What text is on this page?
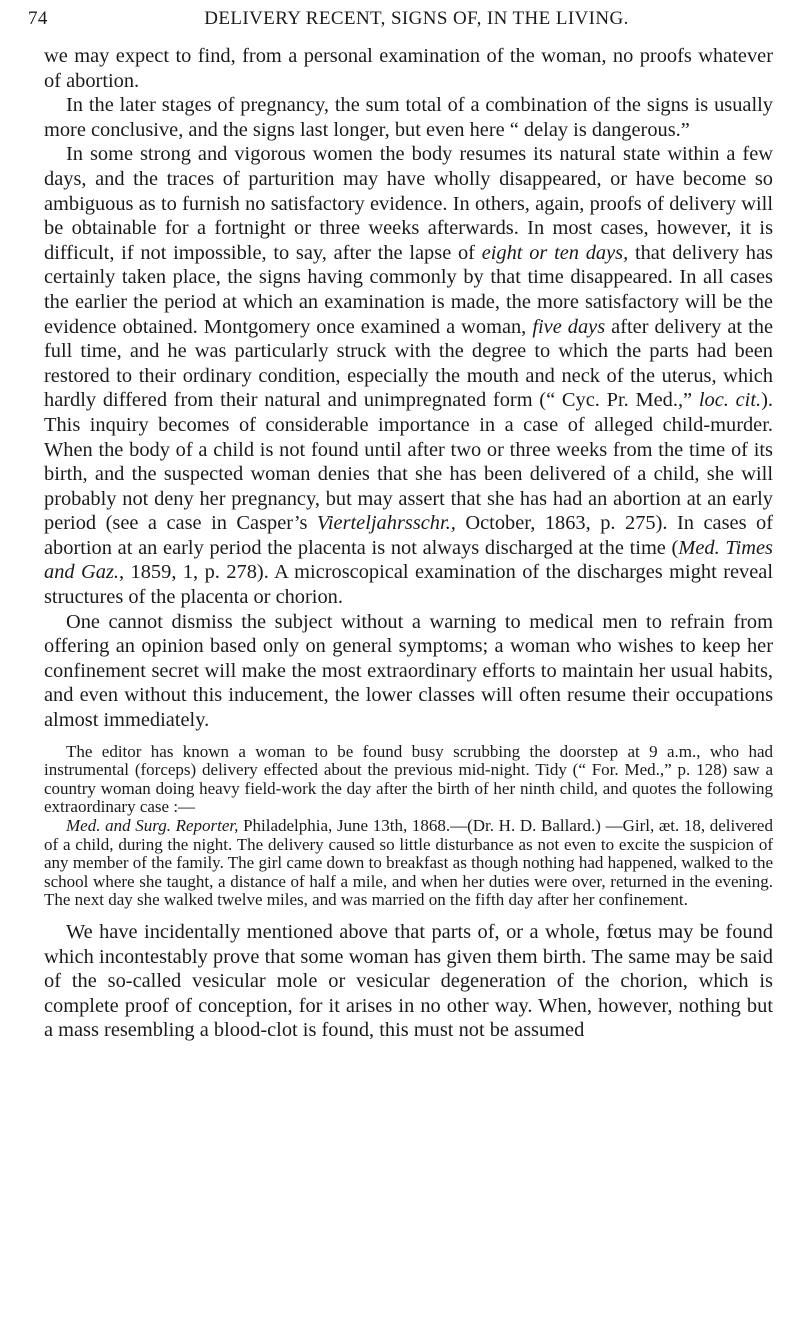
74	DELIVERY RECENT, SIGNS OF, IN THE LIVING.

we may expect to find, from a personal examination of the woman, no proofs whatever of abortion.

In the later stages of pregnancy, the sum total of a combination of the signs is usually more conclusive, and the signs last longer, but even here “ delay is dangerous.”

In some strong and vigorous women the body resumes its natural state within a few days, and the traces of parturition may have wholly disappeared, or have become so ambiguous as to furnish no satisfactory evidence. In others, again, proofs of delivery will be obtainable for a fortnight or three weeks afterwards. In most cases, however, it is difficult, if not impossible, to say, after the lapse of eight or ten days, that delivery has certainly taken place, the signs having commonly by that time disappeared. In all cases the earlier the period at which an examination is made, the more satisfactory will be the evidence obtained. Montgomery once examined a woman, five days after delivery at the full time, and he was particularly struck with the degree to which the parts had been restored to their ordinary condition, especially the mouth and neck of the uterus, which hardly differed from their natural and unimpregnated form (“ Cyc. Pr. Med.,” loc. cit.). This inquiry becomes of considerable importance in a case of alleged child-murder. When the body of a child is not found until after two or three weeks from the time of its birth, and the suspected woman denies that she has been delivered of a child, she will probably not deny her pregnancy, but may assert that she has had an abortion at an early period (see a case in Casper’s Vierteljahrsschr., October, 1863, p. 275). In cases of abortion at an early period the placenta is not always discharged at the time (Med. Times and Gaz., 1859, 1, p. 278). A microscopical examination of the discharges might reveal structures of the placenta or chorion.

One cannot dismiss the subject without a warning to medical men to refrain from offering an opinion based only on general symptoms; a woman who wishes to keep her confinement secret will make the most extraordinary efforts to maintain her usual habits, and even without this inducement, the lower classes will often resume their occupations almost immediately.

The editor has known a woman to be found busy scrubbing the doorstep at 9 a.m., who had instrumental (forceps) delivery effected about the previous mid-night. Tidy (“ For. Med.,” p. 128) saw a country woman doing heavy field-work the day after the birth of her ninth child, and quotes the following extraordinary case :—

Med. and Surg. Reporter, Philadelphia, June 13th, 1868.—(Dr. H. D. Ballard.) —Girl, æt. 18, delivered of a child, during the night. The delivery caused so little disturbance as not even to excite the suspicion of any member of the family. The girl came down to breakfast as though nothing had happened, walked to the school where she taught, a distance of half a mile, and when her duties were over, returned in the evening. The next day she walked twelve miles, and was married on the fifth day after her confinement.

We have incidentally mentioned above that parts of, or a whole, fœtus may be found which incontestably prove that some woman has given them birth. The same may be said of the so-called vesicular mole or vesicular degeneration of the chorion, which is complete proof of conception, for it arises in no other way. When, however, nothing but a mass resembling a blood-clot is found, this must not be assumed
